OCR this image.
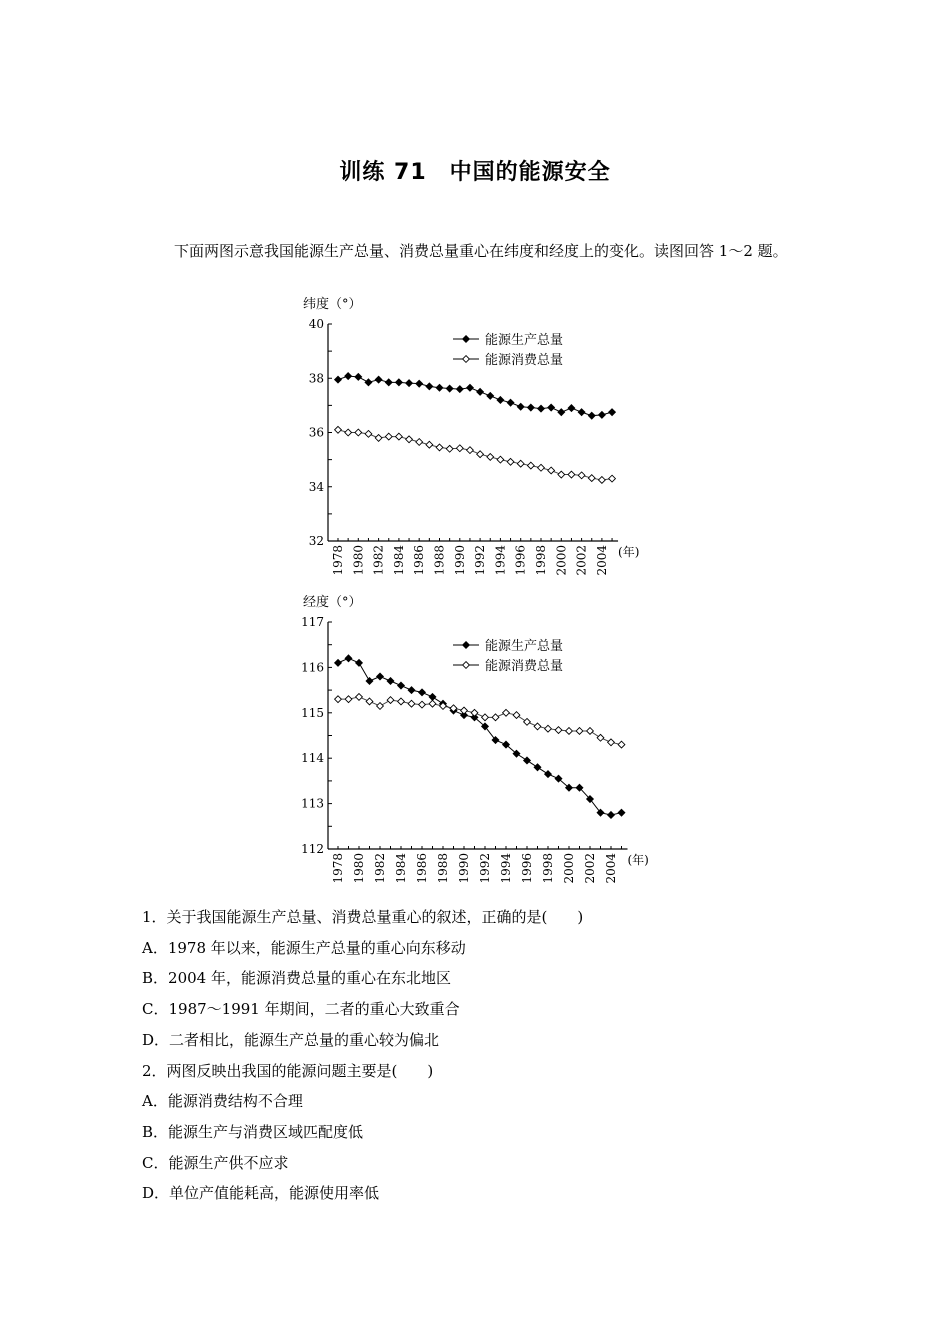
训练 71　中国的能源安全
下面两图示意我国能源生产总量、消费总量重心在纬度和经度上的变化。读图回答 1～2 题。
纬度（°）
32
34
36
38
40
1978 1980 1982 1984 1986 1988 1990 1992 1994 1996 1998 2000 2002 2004 (年)
能源生产总量
能源消费总量
经度（°）
112
113
114
115
116
117
1978 1980 1982 1984 1986 1988 1990 1992 1994 1996 1998 2000 2002 2004 (年)
能源生产总量
能源消费总量
1．关于我国能源生产总量、消费总量重心的叙述，正确的是(　　)
A．1978 年以来，能源生产总量的重心向东移动
B．2004 年，能源消费总量的重心在东北地区
C．1987～1991 年期间，二者的重心大致重合
D．二者相比，能源生产总量的重心较为偏北
2．两图反映出我国的能源问题主要是(　　)
A．能源消费结构不合理
B．能源生产与消费区域匹配度低
C．能源生产供不应求
D．单位产值能耗高，能源使用率低
